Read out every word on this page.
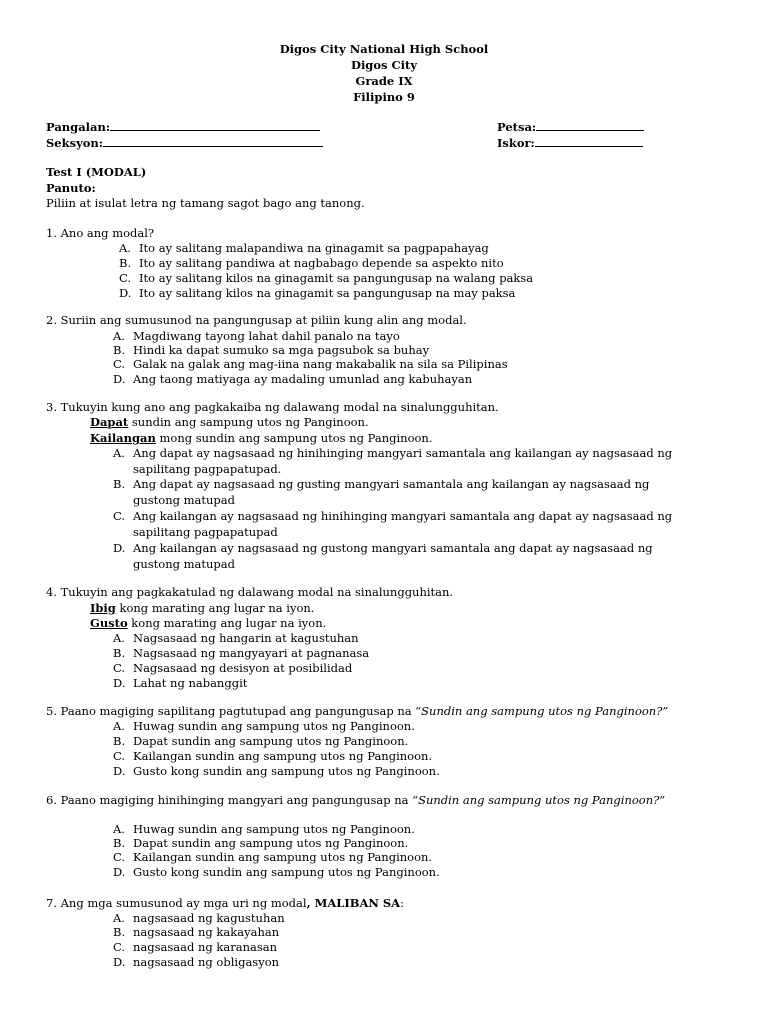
Digos City National High School
Digos City
Grade IX
Filipino 9
Pangalan:
Seksyon:
Petsa:
Iskor:
Test I (MODAL)
Panuto:
Piliin at isulat letra ng tamang sagot bago ang tanong.
1. Ano ang modal?
A. Ito ay salitang malapandiwa na ginagamit sa pagpapahayag
B. Ito ay salitang pandiwa at nagbabago depende sa aspekto nito
C. Ito ay salitang kilos na ginagamit sa pangungusap na walang paksa
D. Ito ay salitang kilos na ginagamit sa pangungusap na may paksa
2. Suriin ang sumusunod na pangungusap at piliin kung alin ang modal.
A. Magdiwang tayong lahat dahil panalo na tayo
B. Hindi ka dapat sumuko sa mga pagsubok sa buhay
C. Galak na galak ang mag-iina nang makabalik na sila sa Pilipinas
D. Ang taong matiyaga ay madaling umunlad ang kabuhayan
3. Tukuyin kung ano ang pagkakaiba ng dalawang modal na sinalungguhitan.
Dapat sundin ang sampung utos ng Panginoon.
Kailangan mong sundin ang sampung utos ng Panginoon.
A. Ang dapat ay nagsasaad ng hinihinging mangyari samantala ang kailangan ay nagsasaad ng
sapilitang pagpapatupad.
B. Ang dapat ay nagsasaad ng gusting mangyari samantala ang kailangan ay nagsasaad ng
gustong matupad
C. Ang kailangan ay nagsasaad ng hinihinging mangyari samantala ang dapat ay nagsasaad ng
sapilitang pagpapatupad
D. Ang kailangan ay nagsasaad ng gustong mangyari samantala ang dapat ay nagsasaad ng
gustong matupad
4. Tukuyin ang pagkakatulad ng dalawang modal na sinalungguhitan.
Ibig kong marating ang lugar na iyon.
Gusto kong marating ang lugar na iyon.
A. Nagsasaad ng hangarin at kagustuhan
B. Nagsasaad ng mangyayari at pagnanasa
C. Nagsasaad ng desisyon at posibilidad
D. Lahat ng nabanggit
5. Paano magiging sapilitang pagtutupad ang pangungusap na “Sundin ang sampung utos ng Panginoon?”
A. Huwag sundin ang sampung utos ng Panginoon.
B. Dapat sundin ang sampung utos ng Panginoon.
C. Kailangan sundin ang sampung utos ng Panginoon.
D. Gusto kong sundin ang sampung utos ng Panginoon.
6. Paano magiging hinihinging mangyari ang pangungusap na “Sundin ang sampung utos ng Panginoon?”
A. Huwag sundin ang sampung utos ng Panginoon.
B. Dapat sundin ang sampung utos ng Panginoon.
C. Kailangan sundin ang sampung utos ng Panginoon.
D. Gusto kong sundin ang sampung utos ng Panginoon.
7. Ang mga sumusunod ay mga uri ng modal, MALIBAN SA:
A. nagsasaad ng kagustuhan
B. nagsasaad ng kakayahan
C. nagsasaad ng karanasan
D. nagsasaad ng obligasyon
